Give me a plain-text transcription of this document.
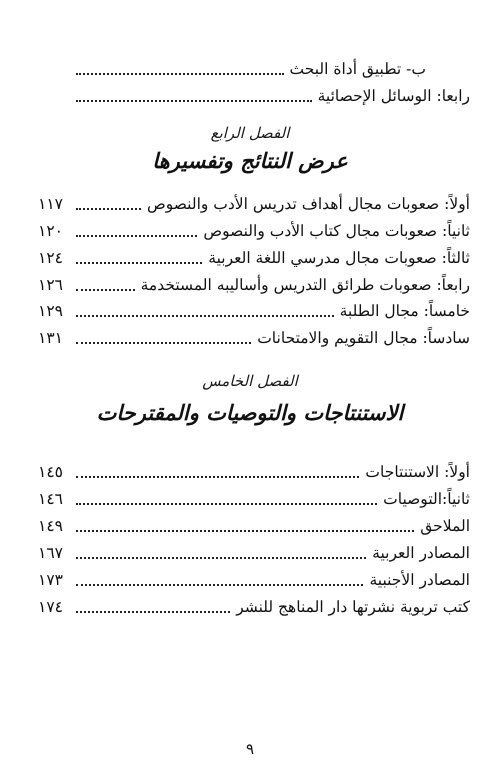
ب- تطبيق أداة البحث
رابعا: الوسائل الإحصائية
الفصل الرابع
عرض النتائج وتفسيرها
أولاً: صعوبات مجال أهداف تدريس الأدب والنصوص
١١٧
ثانياً: صعوبات مجال كتاب الأدب والنصوص
١٢٠
ثالثاً: صعوبات مجال مدرسي اللغة العربية
١٢٤
رابعاً: صعوبات طرائق التدريس وأساليبه المستخدمة
١٢٦
خامساً: مجال الطلبة
١٢٩
سادساً: مجال التقويم والامتحانات
١٣١
الفصل الخامس
الاستنتاجات والتوصيات والمقترحات
أولاً: الاستنتاجات
١٤٥
ثانياً:التوصيات
١٤٦
الملاحق
١٤٩
المصادر العربية
١٦٧
المصادر الأجنبية
١٧٣
كتب تربوية نشرتها دار المناهج للنشر
١٧٤
٩
